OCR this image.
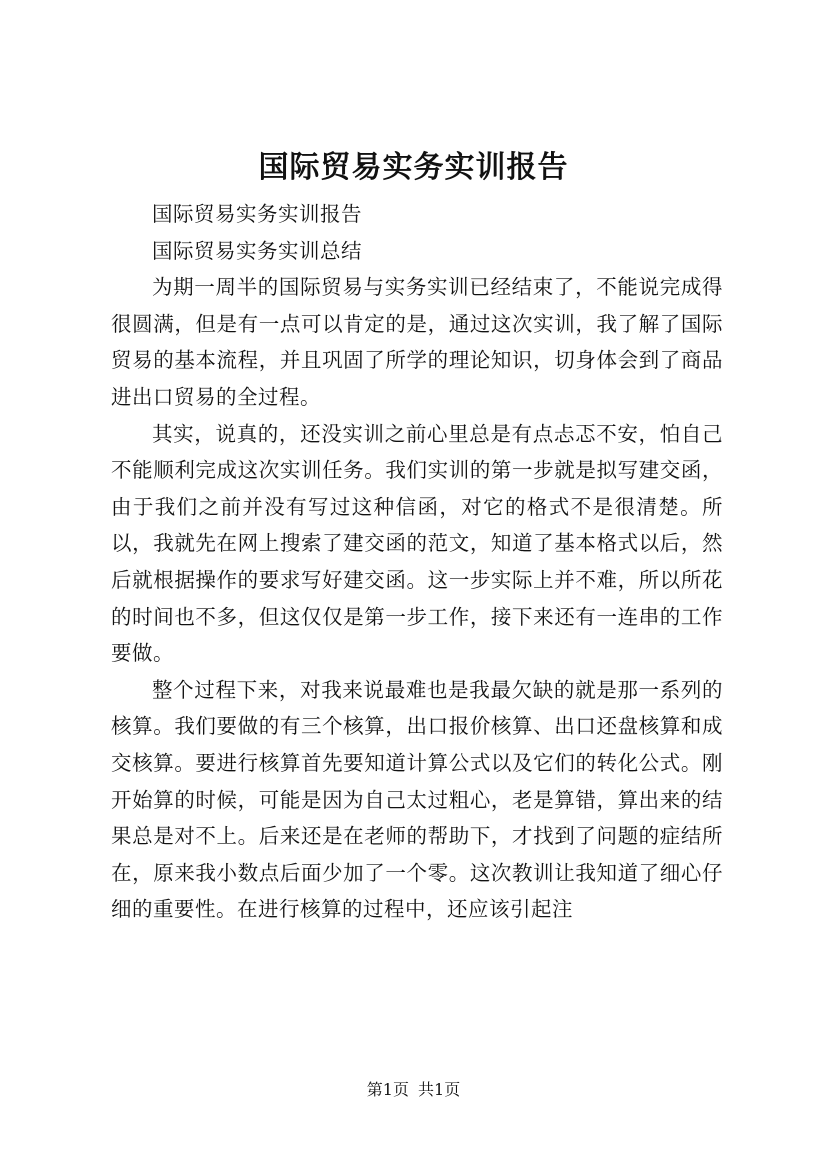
国际贸易实务实训报告

国际贸易实务实训报告

国际贸易实务实训总结

为期一周半的国际贸易与实务实训已经结束了，不能说完成得很圆满，但是有一点可以肯定的是，通过这次实训，我了解了国际贸易的基本流程，并且巩固了所学的理论知识，切身体会到了商品进出口贸易的全过程。

其实，说真的，还没实训之前心里总是有点忐忑不安，怕自己不能顺利完成这次实训任务。我们实训的第一步就是拟写建交函，由于我们之前并没有写过这种信函，对它的格式不是很清楚。所以，我就先在网上搜索了建交函的范文，知道了基本格式以后，然后就根据操作的要求写好建交函。这一步实际上并不难，所以所花的时间也不多，但这仅仅是第一步工作，接下来还有一连串的工作要做。

整个过程下来，对我来说最难也是我最欠缺的就是那一系列的核算。我们要做的有三个核算，出口报价核算、出口还盘核算和成交核算。要进行核算首先要知道计算公式以及它们的转化公式。刚开始算的时候，可能是因为自己太过粗心，老是算错，算出来的结果总是对不上。后来还是在老师的帮助下，才找到了问题的症结所在，原来我小数点后面少加了一个零。这次教训让我知道了细心仔细的重要性。在进行核算的过程中，还应该引起注

第1页 共1页
